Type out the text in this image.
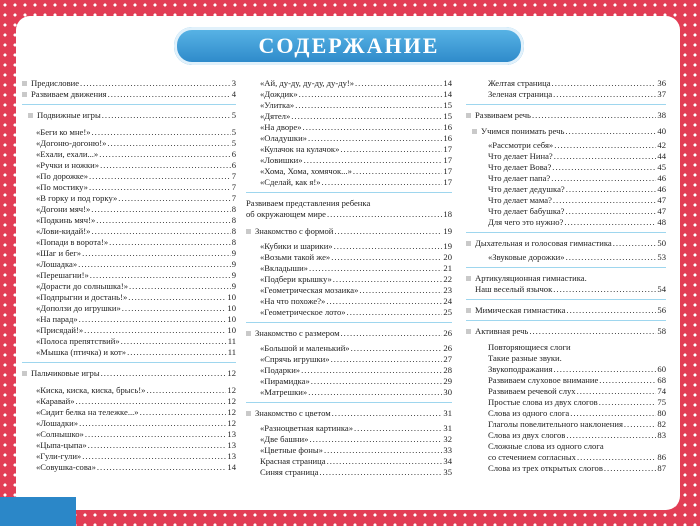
СОДЕРЖАНИЕ
Предисловие .....	3
Развиваем движения .....	4
Подвижные игры .....	5
«Беги ко мне!» .....	5
«Догоню-догоню!» .....	5
«Ехали, ехали...» .....	6
«Ручки и ножки» .....	6
«По дорожке» .....	7
«По мостику» .....	7
«В горку и под горку» .....	7
«Догони мяч!» .....	8
«Подкинь мяч!» .....	8
«Лови-кидай!» .....	8
«Попади в ворота!» .....	8
«Шаг и бег» .....	9
«Лошадка» .....	9
«Перешагни!» .....	9
«Дорасти до солнышка!» .....	9
«Подпрыгни и достань!» .....	10
«Доползи до игрушки» .....	10
«На парад» .....	10
«Присядай!» .....	10
«Полоса препятствий» .....	11
«Мышка (птичка) и кот» .....	11
Пальчиковые игры .....	12
«Киска, киска, киска, брысь!» .....	12
«Каравай» .....	12
«Сидит белка на тележке...» .....	12
«Лошадки» .....	12
«Солнышко» .....	13
«Цыпа-цыпа» .....	13
«Гули-гули» .....	13
«Совушка-сова» .....	14
«Ай, ду-ду, ду-ду, ду-ду!» .....	14
«Дождик» .....	14
«Улитка» .....	15
«Дятел» .....	15
«На дворе» .....	16
«Оладушки» .....	16
«Кулачок на кулачок» .....	17
«Ловишки» .....	17
«Хома, Хома, хомячок...» .....	17
«Сделай, как я!» .....	17
Развиваем представления ребенка
об окружающем мире .....	18
Знакомство с формой .....	19
«Кубики и шарики» .....	19
«Возьми такой же» .....	20
«Вкладыши» .....	21
«Подбери крышку» .....	22
«Геометрическая мозаика» .....	23
«На что похоже?» .....	24
«Геометрическое лото» .....	25
Знакомство с размером .....	26
«Большой и маленький» .....	26
«Спрячь игрушки» .....	27
«Подарки» .....	28
«Пирамидка» .....	29
«Матрешки» .....	30
Знакомство с цветом .....	31
«Разноцветная картинка» .....	31
«Две башни» .....	32
«Цветные фоны» .....	33
Красная страница .....	34
Синяя страница .....	35
Желтая страница .....	36
Зеленая страница .....	37
Развиваем речь .....	38
Учимся понимать речь .....	40
«Рассмотри себя» .....	42
Что делает Нина? .....	44
Что делает Вова? .....	45
Что делает папа? .....	46
Что делает дедушка? .....	46
Что делает мама? .....	47
Что делает бабушка? .....	47
Для чего это нужно? .....	48
Дыхательная и голосовая гимнастика .....	50
«Звуковые дорожки» .....	53
Артикуляционная гимнастика.
Наш веселый язычок .....	54
Мимическая гимнастика .....	56
Активная речь .....	58
Повторяющиеся слоги
Такие разные звуки.
Звукоподражания .....	60
Развиваем слуховое внимание .....	68
Развиваем речевой слух .....	74
Простые слова из двух слогов .....	75
Слова из одного слога .....	80
Глаголы повелительного наклонения .....	82
Слова из двух слогов .....	83
Сложные слова из одного слога
со стечением согласных .....	86
Слова из трех открытых слогов .....	87
